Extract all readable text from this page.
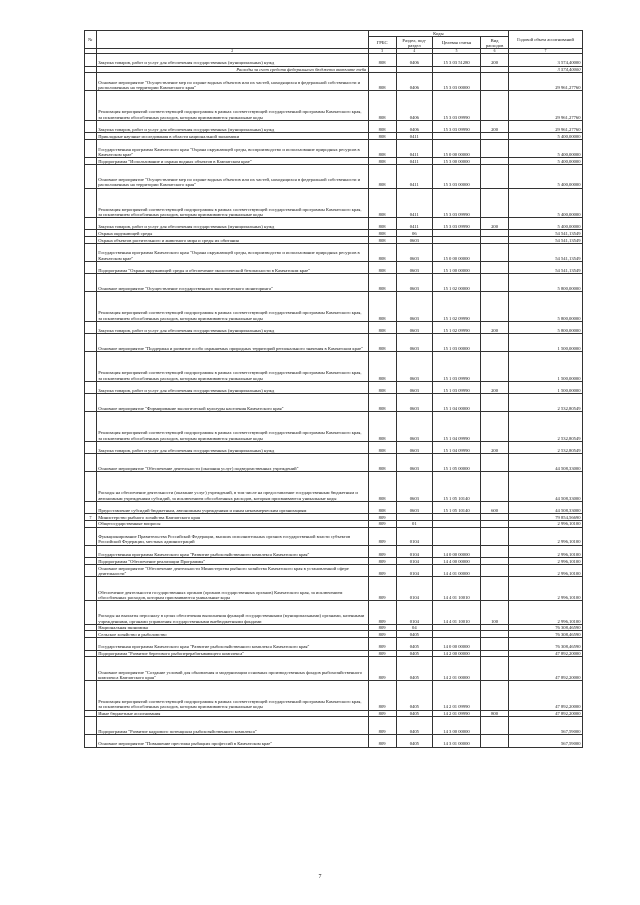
№		Коды				Годовой объем ассигнований
		ГРБС	Раздел, под- раздел	Целевая статья	Вид расходов	
	2	3	4	5	6	7
	Закупка товаров, работ и услуг для обеспечения государственных (муниципальных) нужд	808	0406	15 3 03 51280	200	3 574,40000
	Расходы за счет средств федерального бюджета вкоючите тебя					3 574,40000
	Основное мероприятие "Осуществление мер по охране водных объектов или их частей, находящихся в федеральной собственности и расположенных на территории Камчатского края"	808	0406	15 3 03 00000		29 961,27760
	Реализация мероприятий соответствующей подпрограммы в рамках соответствующей государственной программы Камчатского края, за исключением обособленных расходов, которым присваиваются уникальные коды	808	0406	15 3 03 09990		29 961,27760
	Закупка товаров, работ и услуг для обеспечения государственных (муниципальных) нужд	808	0406	15 3 03 09990	200	29 961,27760
	Прикладные научные исследования в области национальной экономики	808	0411			5 400,00000
	Государственная программа Камчатского края "Охрана окружающей среды, воспроизводство и использование природных ресурсов в Камчатском крае"	808	0411	15 0 00 00000		5 400,00000
	Подпрограмма "Использование и охрана водных объектов в Камчатском крае"	808	0411	15 3 00 00000		5 400,00000
	Основное мероприятие "Осуществление мер по охране водных объектов или их частей, находящихся в федеральной собственности и расположенных на территории Камчатского края"	808	0411	15 3 03 00000		5 400,00000
	Реализация мероприятий соответствующей подпрограммы в рамках соответствующей государственной программы Камчатского края, за исключением обособленных расходов, которым присваиваются уникальные коды	808	0411	15 3 03 09990		5 400,00000
	Закупка товаров, работ и услуг для обеспечения государственных (муниципальных) нужд	808	0411	15 3 03 09990	200	5 400,00000
	Охрана окружающей среды	808	06			54 541,13549
	Охрана объектов растительного и животного мира и среды их обитания	808	0603			54 541,13549
	Государственная программа Камчатского края "Охрана окружающей среды, воспроизводство и использование природных ресурсов в Камчатском крае"	808	0603	15 0 00 00000		54 541,13549
	Подпрограмма "Охрана окружающей среды и обеспечение экологической безопасности в Камчатском крае"	808	0603	15 1 00 00000		54 541,13549
	Основное мероприятие "Осуществление государственного экологического мониторинга"	808	0603	15 1 02 00000		5 800,00000
	Реализация мероприятий соответствующей подпрограммы в рамках соответствующей государственной программы Камчатского края, за исключением обособленных расходов, которым присваиваются уникальные коды	808	0603	15 1 02 09990		5 800,00000
	Закупка товаров, работ и услуг для обеспечения государственных (муниципальных) нужд	808	0603	15 1 02 09990	200	5 800,00000
	Основное мероприятие "Поддержка и развитие особо охраняемых природных территорий регионального значения в Камчатском крае"	808	0603	15 1 03 00000		1 500,00000
	Реализация мероприятий соответствующей подпрограммы в рамках соответствующей государственной программы Камчатского края, за исключением обособленных расходов, которым присваиваются уникальные коды	808	0603	15 1 03 09990		1 500,00000
	Закупка товаров, работ и услуг для обеспечения государственных (муниципальных) нужд	808	0603	15 1 03 09990	200	1 500,00000
	Основное мероприятие "Формирование экологической культуры населения Камчатского края"	808	0603	15 1 04 00000		2 532,80549
	Реализация мероприятий соответствующей подпрограммы в рамках соответствующей государственной программы Камчатского края, за исключением обособленных расходов, которым присваиваются уникальные коды	808	0603	15 1 04 09990		2 532,80549
	Закупка товаров, работ и услуг для обеспечения государственных (муниципальных) нужд	808	0603	15 1 04 09990	200	2 532,80549
	Основное мероприятие "Обеспечение деятельности (оказания услуг) подведомственных учреждений"	808	0603	15 1 05 00000		44 508,33000
	Расходы на обеспечение деятельности (оказание услуг) учреждений, в том числе на предоставление государственным бюджетным и автономным учреждениям субсидий, за исключением обособленных расходов, которым присваиваются уникальные коды	808	0603	15 1 05 10140		44 508,33000
	Предоставление субсидий бюджетным, автономным учреждениям и иным некоммерческим организациям	808	0603	15 1 05 10140	600	44 508,33000
7	Министерство рыбного хозяйства Камчатского края	809				79 854,56690
	Общегосударственные вопросы	809	01			2 996,10100
	Функционирование Правительства Российской Федерации, высших исполнительных органов государственной власти субъектов Российской Федерации, местных администраций	809	0104			2 996,10100
	Государственная программа Камчатского края "Развитие рыбохозяйственного комплекса Камчатского края"	809	0104	14 0 00 00000		2 996,10100
	Подпрограмма "Обеспечение реализации Программы"	809	0104	14 4 00 00000		2 996,10100
	Основное мероприятие "Обеспечение деятельности Министерства рыбного хозяйства Камчатского края в установленной сфере деятельности"	809	0104	14 4 01 00000		2 996,10100
	Обеспечение деятельности государственных органов (органов государственных органов) Камчатского края, за исключением обособленных расходов, которым присваиваются уникальные коды	809	0104	14 4 01 10010		2 996,10100
	Расходы на выплаты персоналу в целях обеспечения выполнения функций государственными (муниципальными) органами, казенными учреждениями, органами управления государственными внебюджетными фондами	809	0104	14 4 01 10010	100	2 996,10100
	Национальная экономика	809	04			76 308,46590
	Сельское хозяйство и рыболовство	809	0405			76 308,46590
	Государственная программа Камчатского края "Развитие рыбохозяйственного комплекса Камчатского края"	809	0405	14 0 00 00000		76 308,46590
	Подпрограмма "Развитие берегового рыбоперерабатывающего комплекса"	809	0405	14 2 00 00000		47 892,20000
	Основное мероприятие "Создание условий для обновления и модернизации основных производственных фондов рыбохозяйственного комплекса Камчатского края"	809	0405	14 2 01 00000		47 892,20000
	Реализация мероприятий соответствующей подпрограммы в рамках соответствующей государственной программы Камчатского края, за исключением обособленных расходов, которым присваиваются уникальные коды	809	0405	14 2 01 09990		47 892,20000
	Иные бюджетные ассигнования	809	0405	14 2 01 09990	800	47 892,20000
	Подпрограмма "Развитие кадрового потенциала рыбохозяйственного комплекса"	809	0405	14 3 00 00000		567,59000
	Основное мероприятие "Повышение престижа рыбацких профессий в Камчатском крае"	809	0405	14 3 01 00000		567,59000
7
